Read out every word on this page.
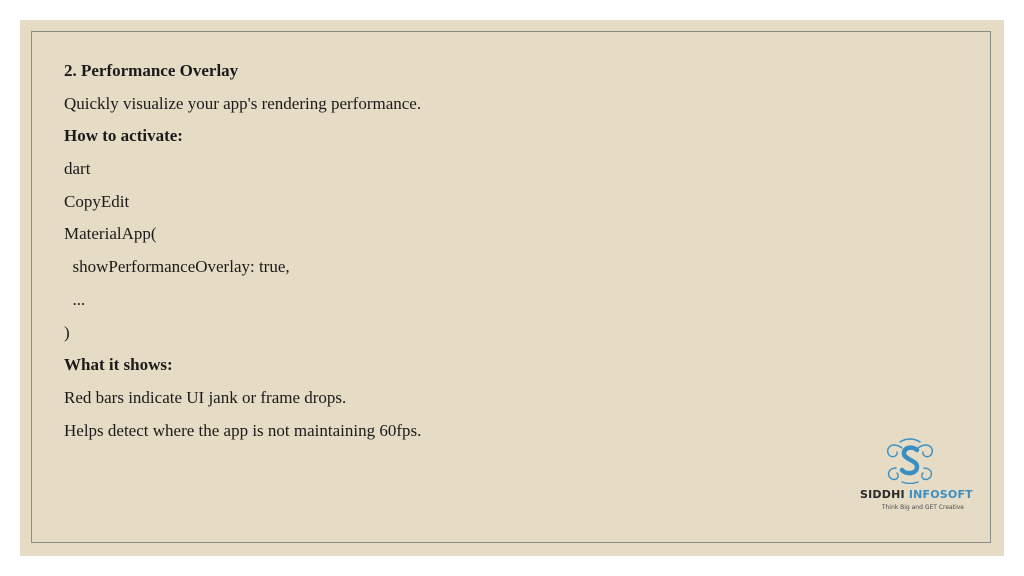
2. Performance Overlay
Quickly visualize your app's rendering performance.
How to activate:
dart
CopyEdit
MaterialApp(
showPerformanceOverlay: true,
...
)
What it shows:
Red bars indicate UI jank or frame drops.
Helps detect where the app is not maintaining 60fps.
SIDDHI INFOSOFT
Think Big and GET Creative
